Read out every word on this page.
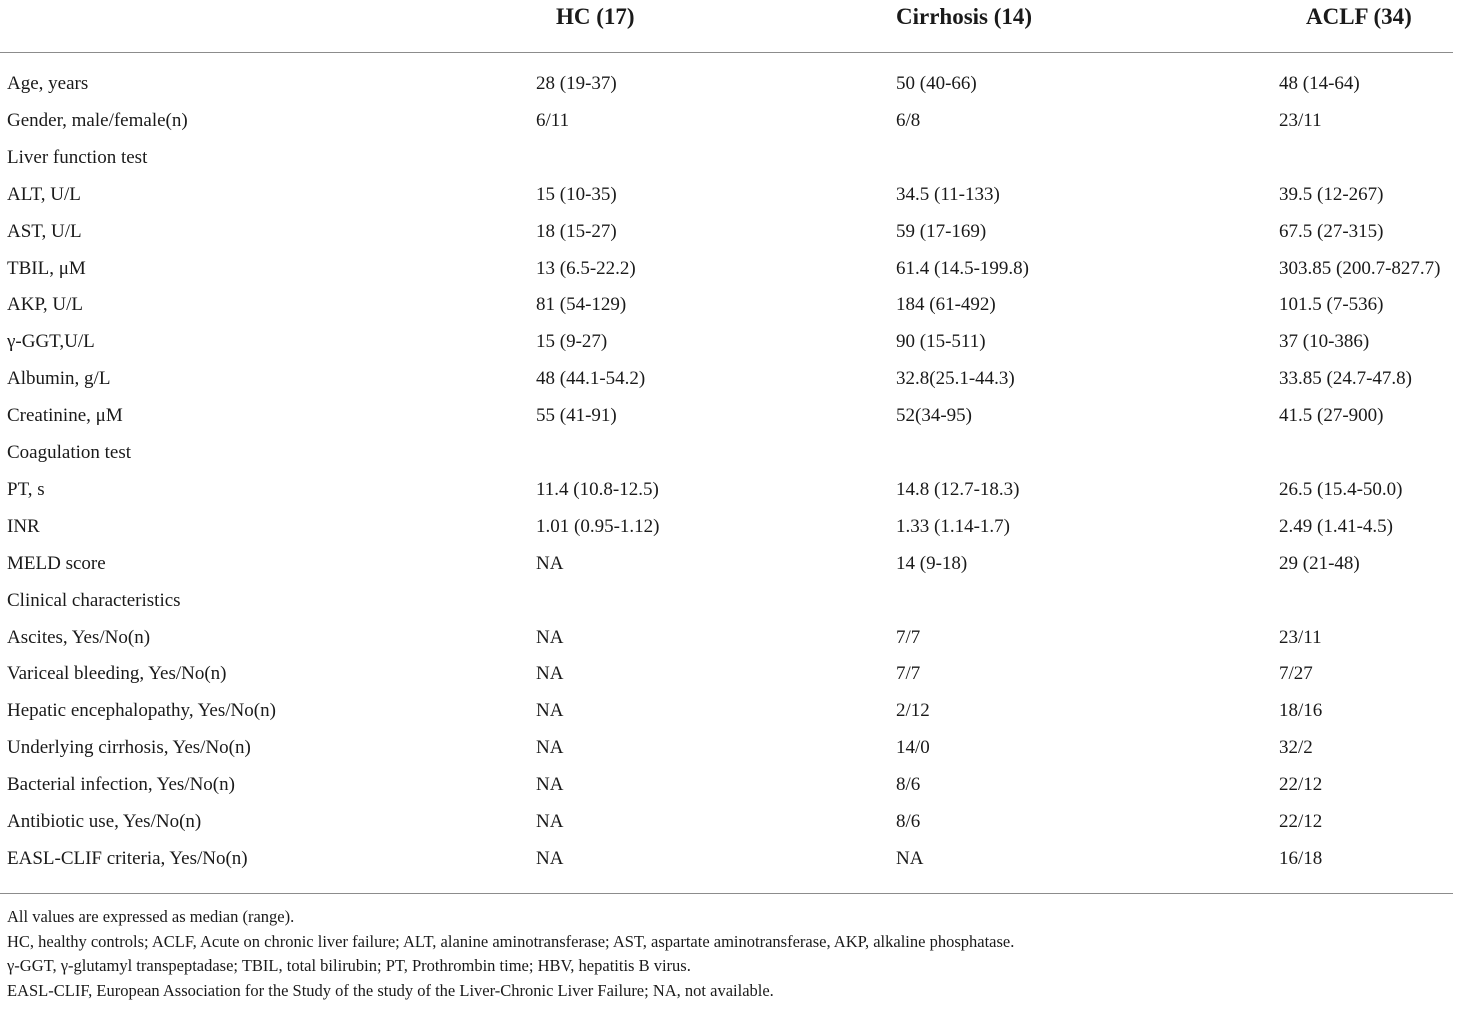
HC (17)	Cirrhosis (14)	ACLF (34)
Age, years	28 (19-37)	50 (40-66)	48 (14-64)
Gender, male/female(n)	6/11	6/8	23/11
Liver function test
ALT, U/L	15 (10-35)	34.5 (11-133)	39.5 (12-267)
AST, U/L	18 (15-27)	59 (17-169)	67.5 (27-315)
TBIL, μM	13 (6.5-22.2)	61.4 (14.5-199.8)	303.85 (200.7-827.7)
AKP, U/L	81 (54-129)	184 (61-492)	101.5 (7-536)
γ-GGT,U/L	15 (9-27)	90 (15-511)	37 (10-386)
Albumin, g/L	48 (44.1-54.2)	32.8(25.1-44.3)	33.85 (24.7-47.8)
Creatinine, μM	55 (41-91)	52(34-95)	41.5 (27-900)
Coagulation test
PT, s	11.4 (10.8-12.5)	14.8 (12.7-18.3)	26.5 (15.4-50.0)
INR	1.01 (0.95-1.12)	1.33 (1.14-1.7)	2.49 (1.41-4.5)
MELD score	NA	14 (9-18)	29 (21-48)
Clinical characteristics
Ascites, Yes/No(n)	NA	7/7	23/11
Variceal bleeding, Yes/No(n)	NA	7/7	7/27
Hepatic encephalopathy, Yes/No(n)	NA	2/12	18/16
Underlying cirrhosis, Yes/No(n)	NA	14/0	32/2
Bacterial infection, Yes/No(n)	NA	8/6	22/12
Antibiotic use, Yes/No(n)	NA	8/6	22/12
EASL-CLIF criteria, Yes/No(n)	NA	NA	16/18
All values are expressed as median (range).
HC, healthy controls; ACLF, Acute on chronic liver failure; ALT, alanine aminotransferase; AST, aspartate aminotransferase, AKP, alkaline phosphatase.
γ-GGT, γ-glutamyl transpeptadase; TBIL, total bilirubin; PT, Prothrombin time; HBV, hepatitis B virus.
EASL-CLIF, European Association for the Study of the study of the Liver-Chronic Liver Failure; NA, not available.
